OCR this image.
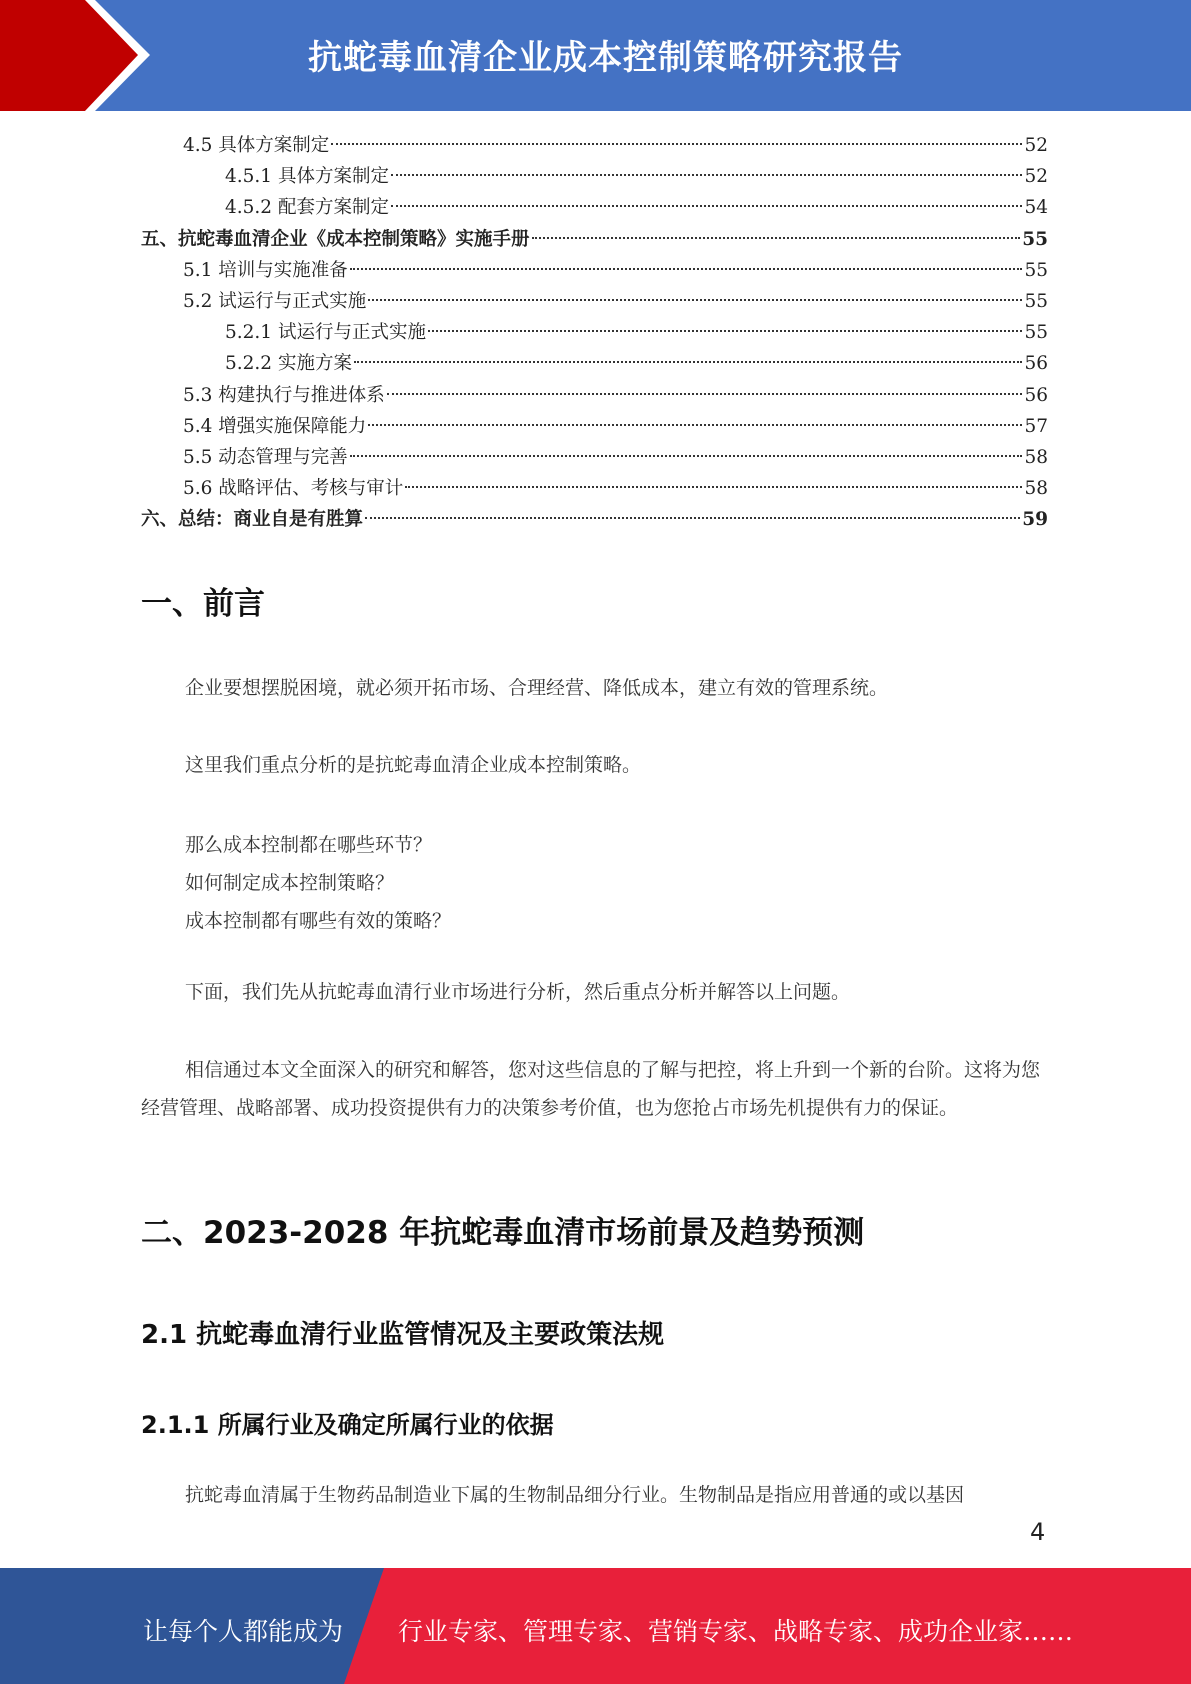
抗蛇毒血清企业成本控制策略研究报告
4.5 具体方案制定	52
4.5.1 具体方案制定	52
4.5.2 配套方案制定	54
五、抗蛇毒血清企业《成本控制策略》实施手册	55
5.1 培训与实施准备	55
5.2 试运行与正式实施	55
5.2.1 试运行与正式实施	55
5.2.2 实施方案	56
5.3 构建执行与推进体系	56
5.4 增强实施保障能力	57
5.5 动态管理与完善	58
5.6 战略评估、考核与审计	58
六、总结：商业自是有胜算	59
一、前言
企业要想摆脱困境，就必须开拓市场、合理经营、降低成本，建立有效的管理系统。
这里我们重点分析的是抗蛇毒血清企业成本控制策略。
那么成本控制都在哪些环节？
如何制定成本控制策略？
成本控制都有哪些有效的策略？
下面，我们先从抗蛇毒血清行业市场进行分析，然后重点分析并解答以上问题。
相信通过本文全面深入的研究和解答，您对这些信息的了解与把控，将上升到一个新的台阶。这将为您经营管理、战略部署、成功投资提供有力的决策参考价值，也为您抢占市场先机提供有力的保证。
二、2023-2028 年抗蛇毒血清市场前景及趋势预测
2.1 抗蛇毒血清行业监管情况及主要政策法规
2.1.1 所属行业及确定所属行业的依据
抗蛇毒血清属于生物药品制造业下属的生物制品细分行业。生物制品是指应用普通的或以基因
4
让每个人都能成为 行业专家、管理专家、营销专家、战略专家、成功企业家……
